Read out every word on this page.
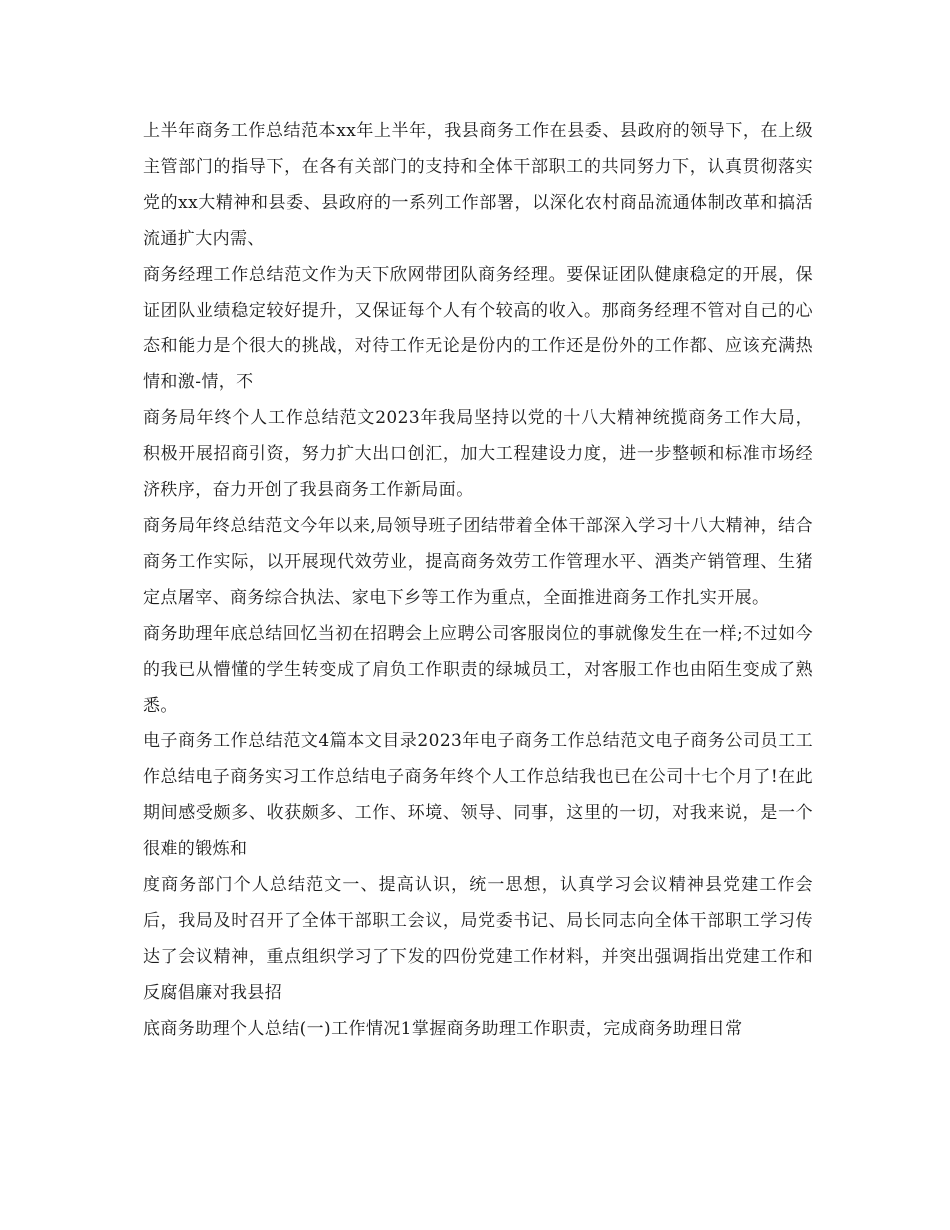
上半年商务工作总结范本xx年上半年，我县商务工作在县委、县政府的领导下，在上级主管部门的指导下，在各有关部门的支持和全体干部职工的共同努力下，认真贯彻落实党的xx大精神和县委、县政府的一系列工作部署，以深化农村商品流通体制改革和搞活流通扩大内需、

商务经理工作总结范文作为天下欣网带团队商务经理。要保证团队健康稳定的开展，保证团队业绩稳定较好提升，又保证每个人有个较高的收入。那商务经理不管对自己的心态和能力是个很大的挑战，对待工作无论是份内的工作还是份外的工作都、应该充满热情和激-情，不

商务局年终个人工作总结范文2023年我局坚持以党的十八大精神统揽商务工作大局，积极开展招商引资，努力扩大出口创汇，加大工程建设力度，进一步整顿和标准市场经济秩序，奋力开创了我县商务工作新局面。

商务局年终总结范文今年以来,局领导班子团结带着全体干部深入学习十八大精神，结合商务工作实际，以开展现代效劳业，提高商务效劳工作管理水平、酒类产销管理、生猪定点屠宰、商务综合执法、家电下乡等工作为重点，全面推进商务工作扎实开展。

商务助理年底总结回忆当初在招聘会上应聘公司客服岗位的事就像发生在一样;不过如今的我已从懵懂的学生转变成了肩负工作职责的绿城员工，对客服工作也由陌生变成了熟悉。

电子商务工作总结范文4篇本文目录2023年电子商务工作总结范文电子商务公司员工工作总结电子商务实习工作总结电子商务年终个人工作总结我也已在公司十七个月了!在此期间感受颇多、收获颇多、工作、环境、领导、同事，这里的一切，对我来说，是一个很难的锻炼和

度商务部门个人总结范文一、提高认识，统一思想，认真学习会议精神县党建工作会后，我局及时召开了全体干部职工会议，局党委书记、局长同志向全体干部职工学习传达了会议精神，重点组织学习了下发的四份党建工作材料，并突出强调指出党建工作和反腐倡廉对我县招

底商务助理个人总结(一)工作情况1掌握商务助理工作职责，完成商务助理日常
